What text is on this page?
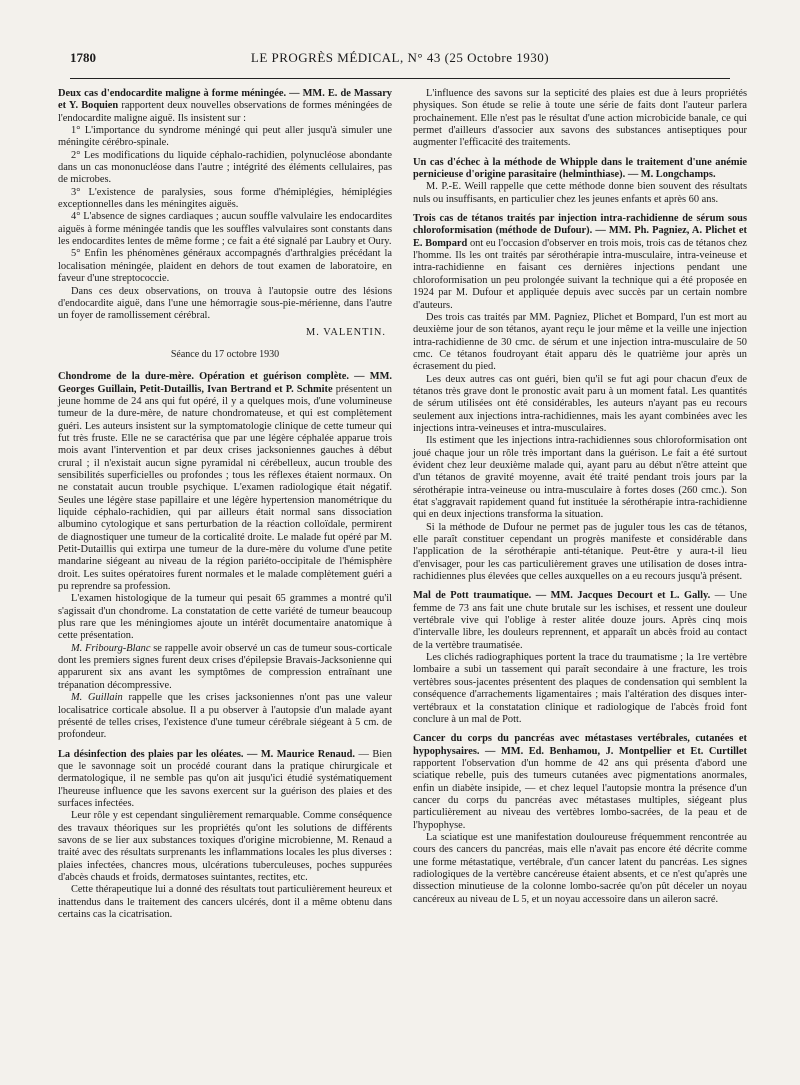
1780	LE PROGRÈS MÉDICAL, N° 43 (25 Octobre 1930)

Deux cas d'endocardite maligne à forme méningée. — MM. E. de Massary et Y. Boquien rapportent deux nouvelles observations de formes méningées de l'endocardite maligne aiguë. Ils insistent sur :

1° L'importance du syndrome méningé qui peut aller jusqu'à simuler une méningite cérébro-spinale.

2° Les modifications du liquide céphalo-rachidien, polynucléose abondante dans un cas mononucléose dans l'autre ; intégrité des éléments cellulaires, pas de microbes.

3° L'existence de paralysies, sous forme d'hémiplégies, hémiplégies exceptionnelles dans les méningites aiguës.

4° L'absence de signes cardiaques ; aucun souffle valvulaire les endocardites aiguës à forme méningée tandis que les souffles valvulaires sont constants dans les endocardites lentes de même forme ; ce fait a été signalé par Laubry et Oury.

5° Enfin les phénomènes généraux accompagnés d'arthralgies précédant la localisation méningée, plaident en dehors de tout examen de laboratoire, en faveur d'une streptococcie.

Dans ces deux observations, on trouva à l'autopsie outre des lésions d'endocardite aiguë, dans l'une une hémorragie sous-pie-mérienne, dans l'autre un foyer de ramollissement cérébral.

M. VALENTIN.
Séance du 17 octobre 1930

Chondrome de la dure-mère. Opération et guérison complète. — MM. Georges Guillain, Petit-Dutaillis, Ivan Bertrand et P. Schmite présentent un jeune homme de 24 ans qui fut opéré, il y a quelques mois, d'une volumineuse tumeur de la dure-mère, de nature chondromateuse, et qui est complètement guéri. Les auteurs insistent sur la symptomatologie clinique de cette tumeur qui fut très fruste. Elle ne se caractérisa que par une légère céphalée apparue trois mois avant l'intervention et par deux crises jacksoniennes gauches à début crural ; il n'existait aucun signe pyramidal ni cérébelleux, aucun trouble des sensibilités superficielles ou profondes ; tous les réflexes étaient normaux. On ne constatait aucun trouble psychique. L'examen radiologique était négatif. Seules une légère stase papillaire et une légère hypertension manométrique du liquide céphalo-rachidien, qui par ailleurs était normal sans dissociation albumino cytologique et sans perturbation de la réaction colloïdale, permirent de diagnostiquer une tumeur de la corticalité droite. Le malade fut opéré par M. Petit-Dutaillis qui extirpa une tumeur de la dure-mère du volume d'une petite mandarine siégeant au niveau de la région pariéto-occipitale de l'hémisphère droit. Les suites opératoires furent normales et le malade complètement guéri a pu reprendre sa profession.

L'examen histologique de la tumeur qui pesait 65 grammes a montré qu'il s'agissait d'un chondrome. La constatation de cette variété de tumeur beaucoup plus rare que les méningiomes ajoute un intérêt documentaire anatomique à cette présentation.

M. Fribourg-Blanc se rappelle avoir observé un cas de tumeur sous-corticale dont les premiers signes furent deux crises d'épilepsie Bravais-Jacksonienne qui apparurent six ans avant les symptômes de compression entraînant une trépanation décompressive.

M. Guillain rappelle que les crises jacksoniennes n'ont pas une valeur localisatrice corticale absolue. Il a pu observer à l'autopsie d'un malade ayant présenté de telles crises, l'existence d'une tumeur cérébrale siégeant à 5 cm. de profondeur.

La désinfection des plaies par les oléates. — M. Maurice Renaud. — Bien que le savonnage soit un procédé courant dans la pratique chirurgicale et dermatologique, il ne semble pas qu'on ait jusqu'ici étudié systématiquement l'heureuse influence que les savons exercent sur la guérison des plaies et des surfaces infectées.

Leur rôle y est cependant singulièrement remarquable. Comme conséquence des travaux théoriques sur les propriétés qu'ont les solutions de différents savons de se lier aux substances toxiques d'origine microbienne, M. Renaud a traité avec des résultats surprenants les inflammations locales les plus diverses : plaies infectées, chancres mous, ulcérations tuberculeuses, poches suppurées d'abcès chauds et froids, dermatoses suintantes, rectites, etc.

Cette thérapeutique lui a donné des résultats tout particulièrement heureux et inattendus dans le traitement des cancers ulcérés, dont il a même obtenu dans certains cas la cicatrisation.

L'influence des savons sur la septicité des plaies est due à leurs propriétés physiques. Son étude se relie à toute une série de faits dont l'auteur parlera prochainement. Elle n'est pas le résultat d'une action microbicide banale, ce qui permet d'ailleurs d'associer aux savons des substances antiseptiques pour augmenter l'efficacité des traitements.

Un cas d'échec à la méthode de Whipple dans le traitement d'une anémie pernicieuse d'origine parasitaire (helminthiase). — M. Longchamps.

M. P.-E. Weill rappelle que cette méthode donne bien souvent des résultats nuls ou insuffisants, en particulier chez les jeunes enfants et après 60 ans.

Trois cas de tétanos traités par injection intra-rachidienne de sérum sous chloroformisation (méthode de Dufour). — MM. Ph. Pagniez, A. Plichet et E. Bompard ont eu l'occasion d'observer en trois mois, trois cas de tétanos chez l'homme. Ils les ont traités par sérothérapie intra-musculaire, intra-veineuse et intra-rachidienne en faisant ces dernières injections pendant une chloroformisation un peu prolongée suivant la technique qui a été proposée en 1924 par M. Dufour et appliquée depuis avec succès par un certain nombre d'auteurs.

Des trois cas traités par MM. Pagniez, Plichet et Bompard, l'un est mort au deuxième jour de son tétanos, ayant reçu le jour même et la veille une injection intra-rachidienne de 30 cmc. de sérum et une injection intra-musculaire de 50 cmc. Ce tétanos foudroyant était apparu dès le quatrième jour après un écrasement du pied.

Les deux autres cas ont guéri, bien qu'il se fut agi pour chacun d'eux de tétanos très grave dont le pronostic avait paru à un moment fatal. Les quantités de sérum utilisées ont été considérables, les auteurs n'ayant pas eu recours seulement aux injections intra-rachidiennes, mais les ayant combinées avec les injections intra-veineuses et intra-musculaires.

Ils estiment que les injections intra-rachidiennes sous chloroformisation ont joué chaque jour un rôle très important dans la guérison. Le fait a été surtout évident chez leur deuxième malade qui, ayant paru au début n'être atteint que d'un tétanos de gravité moyenne, avait été traité pendant trois jours par la sérothérapie intra-veineuse ou intra-musculaire à fortes doses (260 cmc.). Son état s'aggravait rapidement quand fut instituée la sérothérapie intra-rachidienne qui en deux injections transforma la situation.

Si la méthode de Dufour ne permet pas de juguler tous les cas de tétanos, elle paraît constituer cependant un progrès manifeste et considérable dans l'application de la sérothérapie anti-tétanique. Peut-être y aura-t-il lieu d'envisager, pour les cas particulièrement graves une utilisation de doses intra-rachidiennes plus élevées que celles auxquelles on a eu recours jusqu'à présent.

Mal de Pott traumatique. — MM. Jacques Decourt et L. Gally. — Une femme de 73 ans fait une chute brutale sur les ischises, et ressent une douleur vertébrale vive qui l'oblige à rester alitée douze jours. Après cinq mois d'intervalle libre, les douleurs reprennent, et apparaît un abcès froid au contact de la vertèbre traumatisée.

Les clichés radiographiques portent la trace du traumatisme ; la 1re vertèbre lombaire a subi un tassement qui paraît secondaire à une fracture, les trois vertèbres sous-jacentes présentent des plaques de condensation qui semblent la conséquence d'arrachements ligamentaires ; mais l'altération des disques inter-vertébraux et la constatation clinique et radiologique de l'abcès froid font conclure à un mal de Pott.

Cancer du corps du pancréas avec métastases vertébrales, cutanées et hypophysaires. — MM. Ed. Benhamou, J. Montpellier et Et. Curtillet rapportent l'observation d'un homme de 42 ans qui présenta d'abord une sciatique rebelle, puis des tumeurs cutanées avec pigmentations anormales, enfin un diabète insipide, — et chez lequel l'autopsie montra la présence d'un cancer du corps du pancréas avec métastases multiples, siégeant plus particulièrement au niveau des vertèbres lombo-sacrées, de la peau et de l'hypophyse.

La sciatique est une manifestation douloureuse fréquemment rencontrée au cours des cancers du pancréas, mais elle n'avait pas encore été décrite comme une forme métastatique, vertébrale, d'un cancer latent du pancréas. Les signes radiologiques de la vertèbre cancéreuse étaient absents, et ce n'est qu'après une dissection minutieuse de la colonne lombo-sacrée qu'on pût déceler un noyau cancéreux au niveau de L 5, et un noyau accessoire dans un aileron sacré.
